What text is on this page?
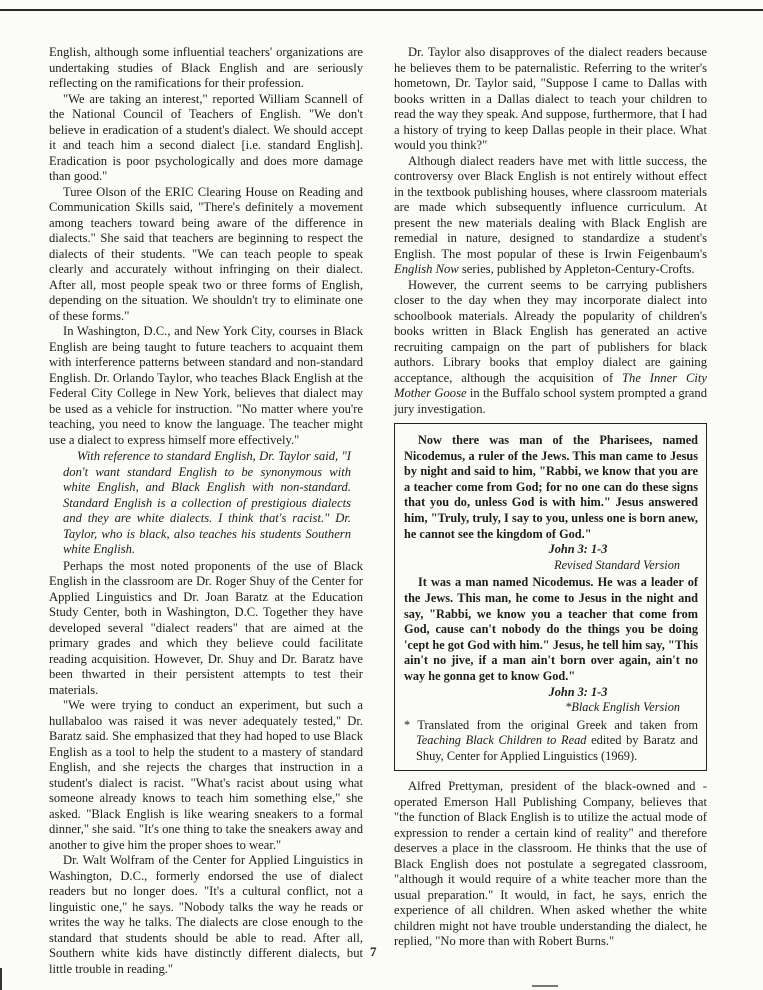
English, although some influential teachers' organizations are undertaking studies of Black English and are seriously reflecting on the ramifications for their profession.

"We are taking an interest," reported William Scannell of the National Council of Teachers of English. "We don't believe in eradication of a student's dialect. We should accept it and teach him a second dialect [i.e. standard English]. Eradication is poor psychologically and does more damage than good."

Turee Olson of the ERIC Clearing House on Reading and Communication Skills said, "There's definitely a movement among teachers toward being aware of the difference in dialects." She said that teachers are beginning to respect the dialects of their students. "We can teach people to speak clearly and accurately without infringing on their dialect. After all, most people speak two or three forms of English, depending on the situation. We shouldn't try to eliminate one of these forms."

In Washington, D.C., and New York City, courses in Black English are being taught to future teachers to acquaint them with interference patterns between standard and non-standard English. Dr. Orlando Taylor, who teaches Black English at the Federal City College in New York, believes that dialect may be used as a vehicle for instruction. "No matter where you're teaching, you need to know the language. The teacher might use a dialect to express himself more effectively."

With reference to standard English, Dr. Taylor said, "I don't want standard English to be synonymous with white English, and Black English with non-standard. Standard English is a collection of prestigious dialects and they are white dialects. I think that's racist." Dr. Taylor, who is black, also teaches his students Southern white English.

Perhaps the most noted proponents of the use of Black English in the classroom are Dr. Roger Shuy of the Center for Applied Linguistics and Dr. Joan Baratz at the Education Study Center, both in Washington, D.C. Together they have developed several "dialect readers" that are aimed at the primary grades and which they believe could facilitate reading acquisition. However, Dr. Shuy and Dr. Baratz have been thwarted in their persistent attempts to test their materials.

"We were trying to conduct an experiment, but such a hullabaloo was raised it was never adequately tested," Dr. Baratz said. She emphasized that they had hoped to use Black English as a tool to help the student to a mastery of standard English, and she rejects the charges that instruction in a student's dialect is racist. "What's racist about using what someone already knows to teach him something else," she asked. "Black English is like wearing sneakers to a formal dinner," she said. "It's one thing to take the sneakers away and another to give him the proper shoes to wear."

Dr. Walt Wolfram of the Center for Applied Linguistics in Washington, D.C., formerly endorsed the use of dialect readers but no longer does. "It's a cultural conflict, not a linguistic one," he says. "Nobody talks the way he reads or writes the way he talks. The dialects are close enough to the standard that students should be able to read. After all, Southern white kids have distinctly different dialects, but little trouble in reading."

Dr. Taylor also disapproves of the dialect readers because he believes them to be paternalistic. Referring to the writer's hometown, Dr. Taylor said, "Suppose I came to Dallas with books written in a Dallas dialect to teach your children to read the way they speak. And suppose, furthermore, that I had a history of trying to keep Dallas people in their place. What would you think?"

Although dialect readers have met with little success, the controversy over Black English is not entirely without effect in the textbook publishing houses, where classroom materials are made which subsequently influence curriculum. At present the new materials dealing with Black English are remedial in nature, designed to standardize a student's English. The most popular of these is Irwin Feigenbaum's English Now series, published by Appleton-Century-Crofts.

However, the current seems to be carrying publishers closer to the day when they may incorporate dialect into schoolbook materials. Already the popularity of children's books written in Black English has generated an active recruiting campaign on the part of publishers for black authors. Library books that employ dialect are gaining acceptance, although the acquisition of The Inner City Mother Goose in the Buffalo school system prompted a grand jury investigation.

Now there was man of the Pharisees, named Nicodemus, a ruler of the Jews. This man came to Jesus by night and said to him, "Rabbi, we know that you are a teacher come from God; for no one can do these signs that you do, unless God is with him." Jesus answered him, "Truly, truly, I say to you, unless one is born anew, he cannot see the kingdom of God."

John 3: 1-3

Revised Standard Version

It was a man named Nicodemus. He was a leader of the Jews. This man, he come to Jesus in the night and say, "Rabbi, we know you a teacher that come from God, cause can't nobody do the things you be doing 'cept he got God with him." Jesus, he tell him say, "This ain't no jive, if a man ain't born over again, ain't no way he gonna get to know God."

John 3: 1-3

*Black English Version

* Translated from the original Greek and taken from Teaching Black Children to Read edited by Baratz and Shuy, Center for Applied Linguistics (1969).

Alfred Prettyman, president of the black-owned and -operated Emerson Hall Publishing Company, believes that "the function of Black English is to utilize the actual mode of expression to render a certain kind of reality" and therefore deserves a place in the classroom. He thinks that the use of Black English does not postulate a segregated classroom, "although it would require of a white teacher more than the usual preparation." It would, in fact, he says, enrich the experience of all children. When asked whether the white children might not have trouble understanding the dialect, he replied, "No more than with Robert Burns."

7
